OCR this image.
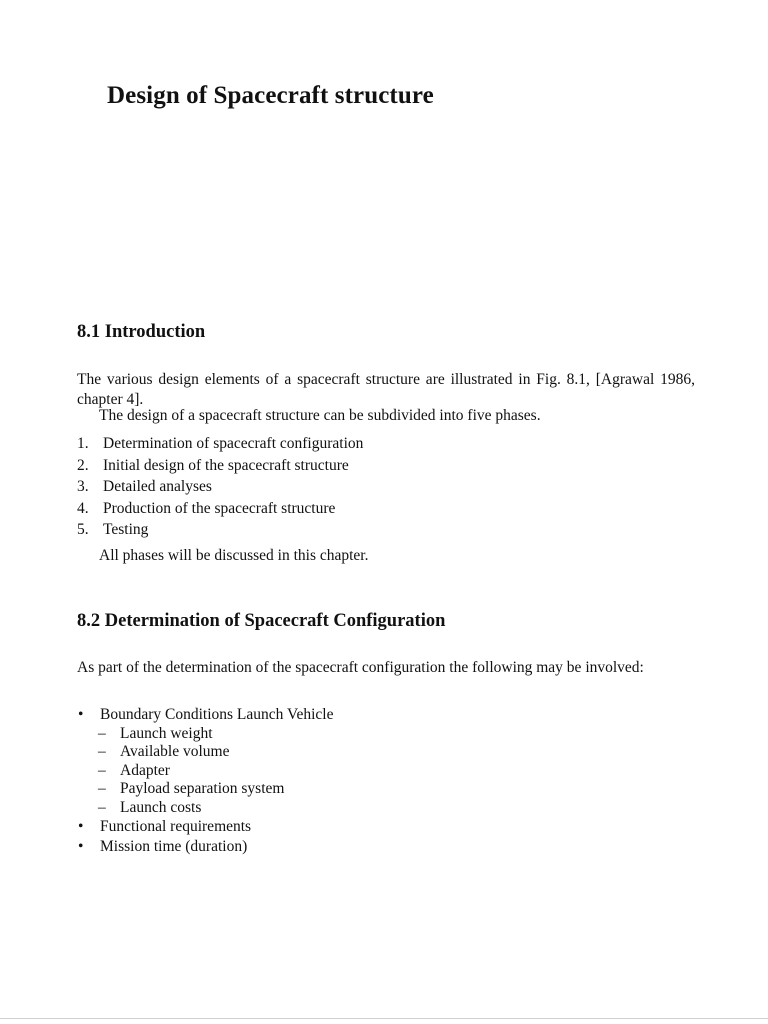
Design of Spacecraft structure
8.1 Introduction

The various design elements of a spacecraft structure are illustrated in Fig. 8.1, [Agrawal 1986, chapter 4].

The design of a spacecraft structure can be subdivided into five phases.

1. Determination of spacecraft configuration
2. Initial design of the spacecraft structure
3. Detailed analyses
4. Production of the spacecraft structure
5. Testing

All phases will be discussed in this chapter.

8.2 Determination of Spacecraft Configuration

As part of the determination of the spacecraft configuration the following may be involved:

• Boundary Conditions Launch Vehicle
– Launch weight
– Available volume
– Adapter
– Payload separation system
– Launch costs
• Functional requirements
• Mission time (duration)
